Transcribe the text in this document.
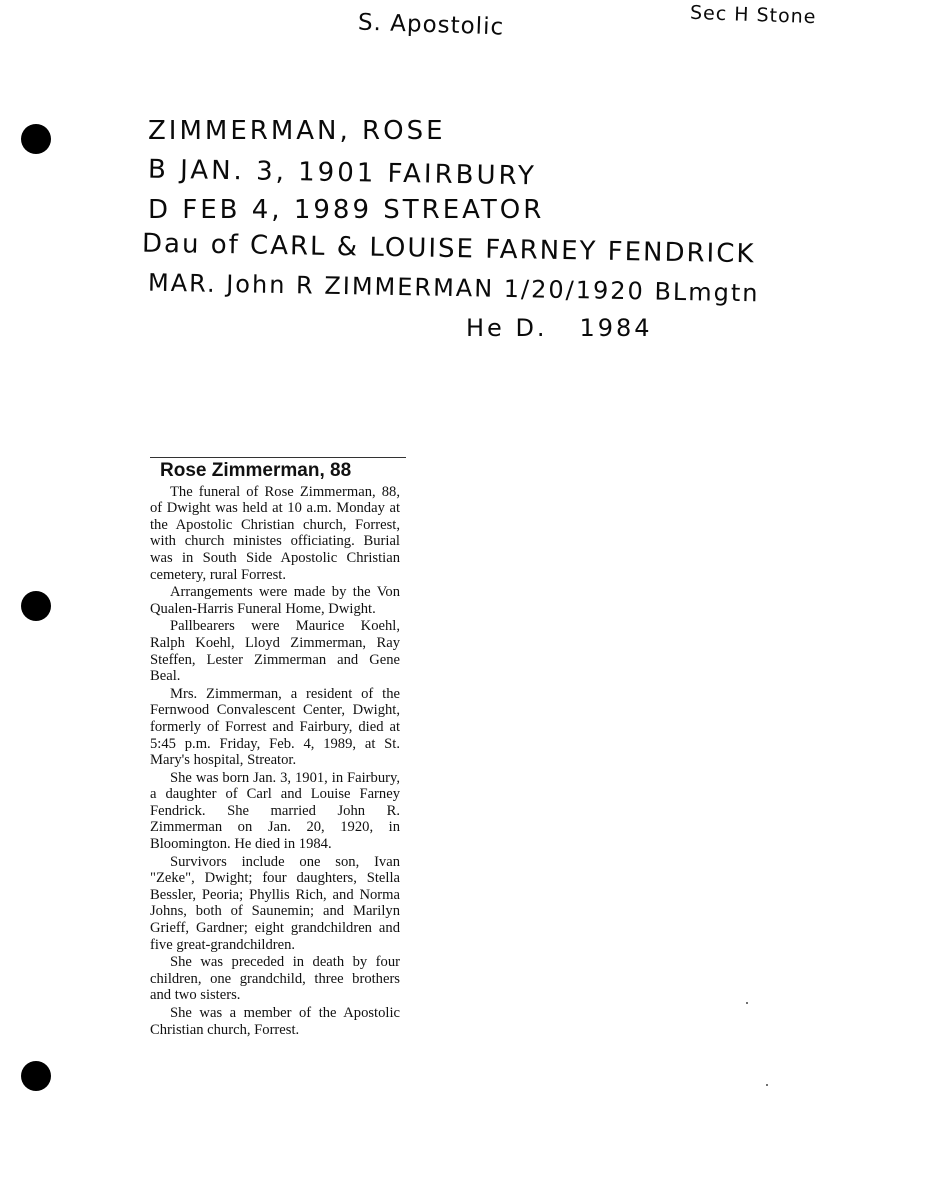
S. Apostolic	Sec H Stone
ZIMMERMAN, ROSE
B JAN. 3, 1901 FAIRBURY
D FEB 4, 1989 STREATOR
Dau of CARL & LOUISE FARNEY FENDRICK
MAR. John R ZIMMERMAN 1/20/1920 BLmgtn
He D.   1984
Rose Zimmerman, 88

The funeral of Rose Zimmerman, 88, of Dwight was held at 10 a.m. Monday at the Apostolic Christian church, Forrest, with church ministes officiating. Burial was in South Side Apostolic Christian cemetery, rural Forrest.

Arrangements were made by the Von Qualen-Harris Funeral Home, Dwight.

Pallbearers were Maurice Koehl, Ralph Koehl, Lloyd Zimmerman, Ray Steffen, Lester Zimmerman and Gene Beal.

Mrs. Zimmerman, a resident of the Fernwood Convalescent Center, Dwight, formerly of Forrest and Fairbury, died at 5:45 p.m. Friday, Feb. 4, 1989, at St. Mary's hospital, Streator.

She was born Jan. 3, 1901, in Fairbury, a daughter of Carl and Louise Farney Fendrick. She married John R. Zimmerman on Jan. 20, 1920, in Bloomington. He died in 1984.

Survivors include one son, Ivan "Zeke", Dwight; four daughters, Stella Bessler, Peoria; Phyllis Rich, and Norma Johns, both of Saunemin; and Marilyn Grieff, Gardner; eight grandchildren and five great-grandchildren.

She was preceded in death by four children, one grandchild, three brothers and two sisters.

She was a member of the Apostolic Christian church, Forrest.
